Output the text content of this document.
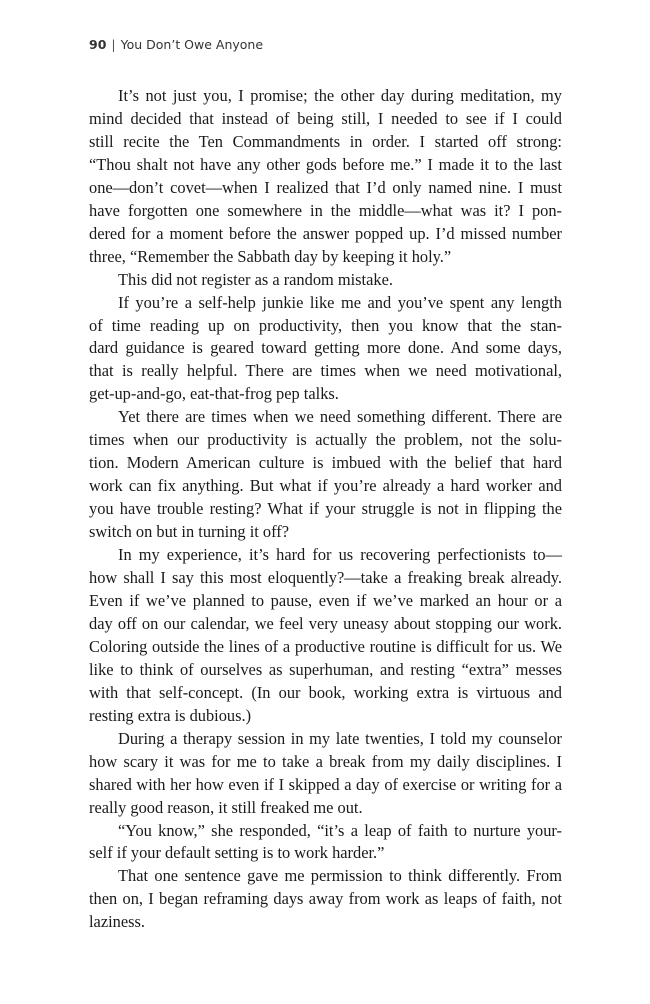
90 | You Don’t Owe Anyone
It’s not just you, I promise; the other day during meditation, my
mind decided that instead of being still, I needed to see if I could
still recite the Ten Commandments in order. I started off strong:
“Thou shalt not have any other gods before me.” I made it to the last
one—don’t covet—when I realized that I’d only named nine. I must
have forgotten one somewhere in the middle—what was it? I pon-
dered for a moment before the answer popped up. I’d missed number
three, “Remember the Sabbath day by keeping it holy.”
This did not register as a random mistake.
If you’re a self-help junkie like me and you’ve spent any length
of time reading up on productivity, then you know that the stan-
dard guidance is geared toward getting more done. And some days,
that is really helpful. There are times when we need motivational,
get-up-and-go, eat-that-frog pep talks.
Yet there are times when we need something different. There are
times when our productivity is actually the problem, not the solu-
tion. Modern American culture is imbued with the belief that hard
work can fix anything. But what if you’re already a hard worker and
you have trouble resting? What if your struggle is not in flipping the
switch on but in turning it off?
In my experience, it’s hard for us recovering perfectionists to—
how shall I say this most eloquently?—take a freaking break already.
Even if we’ve planned to pause, even if we’ve marked an hour or a
day off on our calendar, we feel very uneasy about stopping our work.
Coloring outside the lines of a productive routine is difficult for us. We
like to think of ourselves as superhuman, and resting “extra” messes
with that self-concept. (In our book, working extra is virtuous and
resting extra is dubious.)
During a therapy session in my late twenties, I told my counselor
how scary it was for me to take a break from my daily disciplines. I
shared with her how even if I skipped a day of exercise or writing for a
really good reason, it still freaked me out.
“You know,” she responded, “it’s a leap of faith to nurture your-
self if your default setting is to work harder.”
That one sentence gave me permission to think differently. From
then on, I began reframing days away from work as leaps of faith, not
laziness.
